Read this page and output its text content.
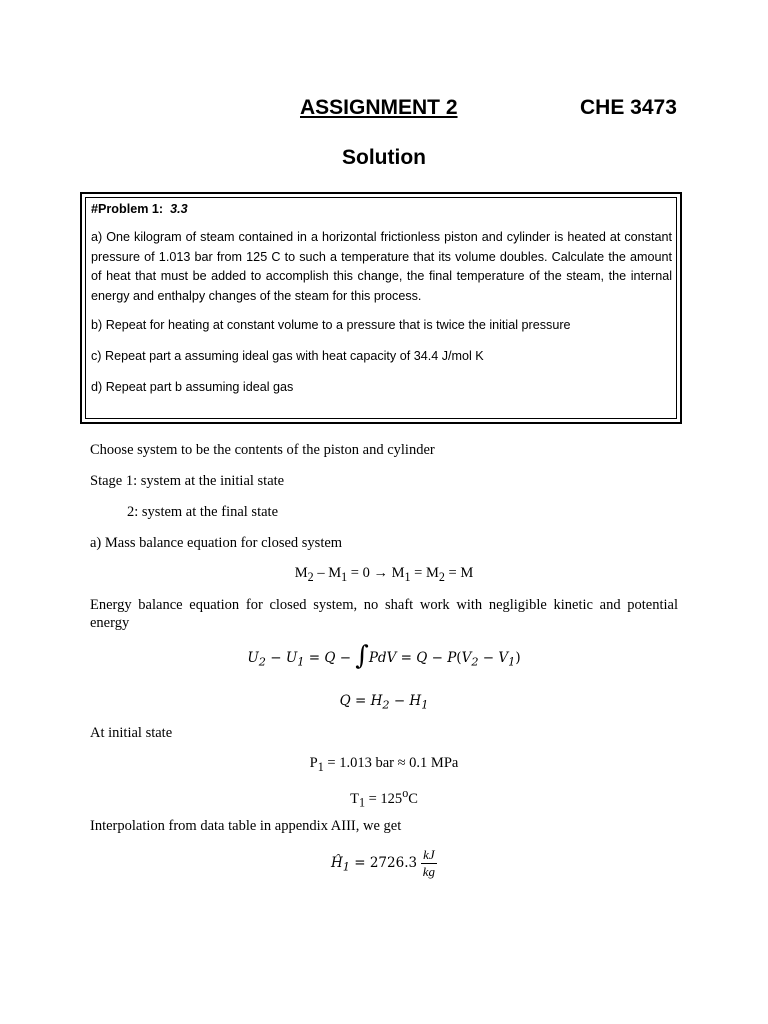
ASSIGNMENT 2	CHE 3473
Solution

#Problem 1: 3.3

a) One kilogram of steam contained in a horizontal frictionless piston and cylinder is heated at constant pressure of 1.013 bar from 125 C to such a temperature that its volume doubles. Calculate the amount of heat that must be added to accomplish this change, the final temperature of the steam, the internal energy and enthalpy changes of the steam for this process.

b) Repeat for heating at constant volume to a pressure that is twice the initial pressure

c) Repeat part a assuming ideal gas with heat capacity of 34.4 J/mol K

d) Repeat part b assuming ideal gas

Choose system to be the contents of the piston and cylinder
Stage 1: system at the initial state
2: system at the final state
a) Mass balance equation for closed system
$M_2 - M_1 = 0 \to M_1 = M_2 = M$
Energy balance equation for closed system, no shaft work with negligible kinetic and potential energy
$U_2 - U_1 = Q - \int PdV = Q - P(V_2 - V_1)$
$Q = H_2 - H_1$
At initial state
$P_1 = 1.013$ bar ≈ 0.1 MPa
$T_1 = 125^oC$
Interpolation from data table in appendix AIII, we get
$Ĥ_1 = 2726.3 \frac{kJ}{kg}$
